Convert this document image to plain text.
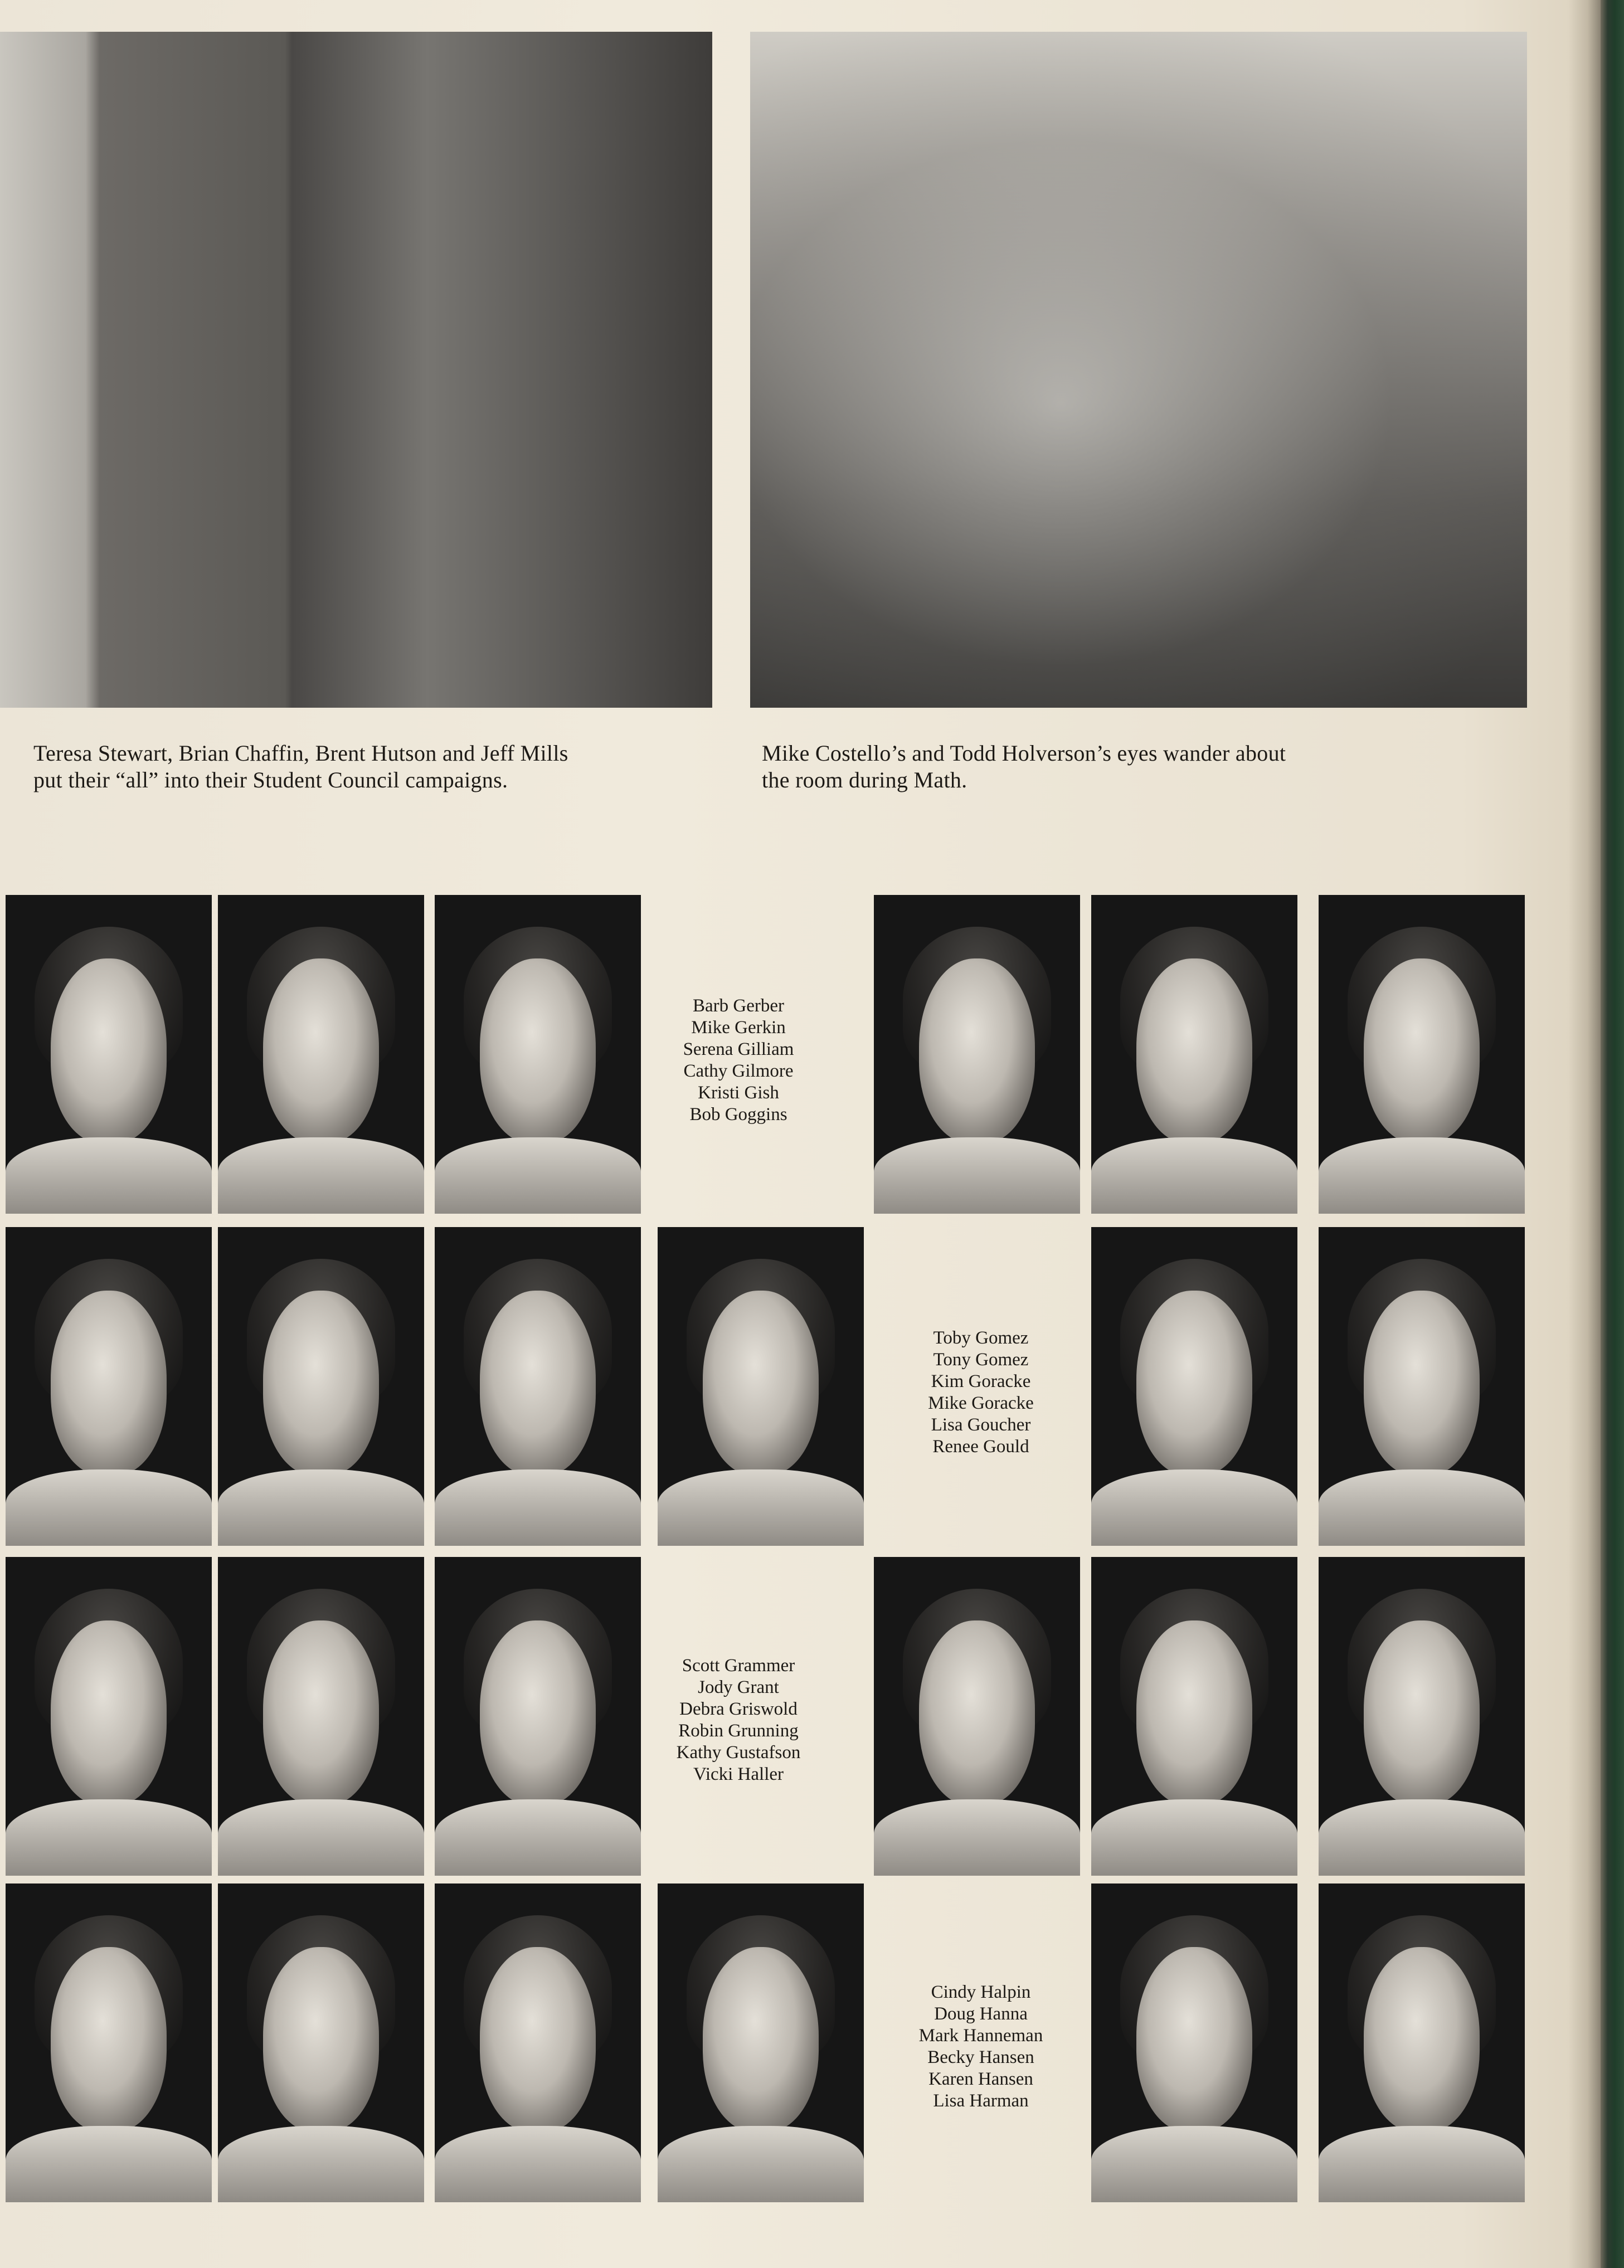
Teresa Stewart, Brian Chaffin, Brent Hutson and Jeff Mills
put their “all” into their Student Council campaigns.
Mike Costello’s and Todd Holverson’s eyes wander about
the room during Math.
Barb Gerber
Mike Gerkin
Serena Gilliam
Cathy Gilmore
Kristi Gish
Bob Goggins
Toby Gomez
Tony Gomez
Kim Goracke
Mike Goracke
Lisa Goucher
Renee Gould
Scott Grammer
Jody Grant
Debra Griswold
Robin Grunning
Kathy Gustafson
Vicki Haller
Cindy Halpin
Doug Hanna
Mark Hanneman
Becky Hansen
Karen Hansen
Lisa Harman
